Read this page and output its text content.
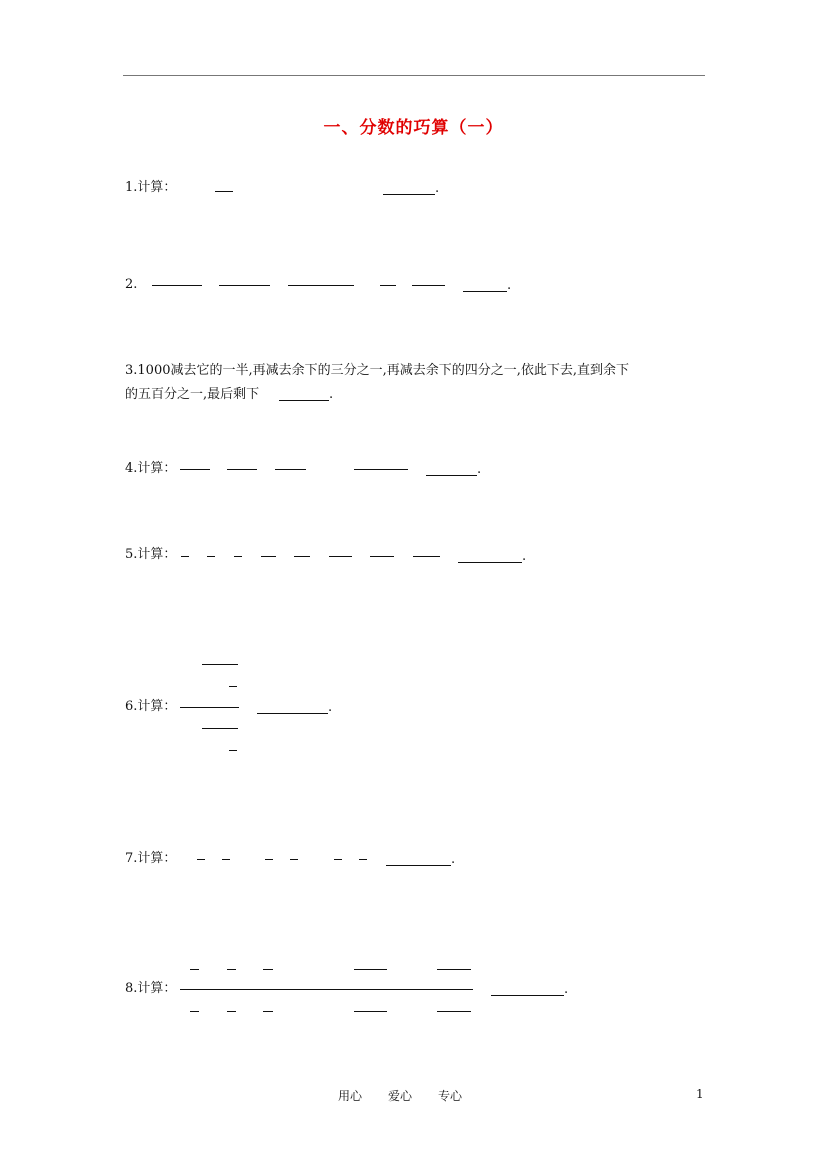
一、分数的巧算（一）
1.计算：	.
2.	.
3.1000减去它的一半,再减去余下的三分之一,再减去余下的四分之一,依此下去,直到余下
的五百分之一,最后剩下	.
4.计算：	.
5.计算：	.
6.计算：	.
7.计算：	.
8.计算：	.
用心 爱心 专心	1
